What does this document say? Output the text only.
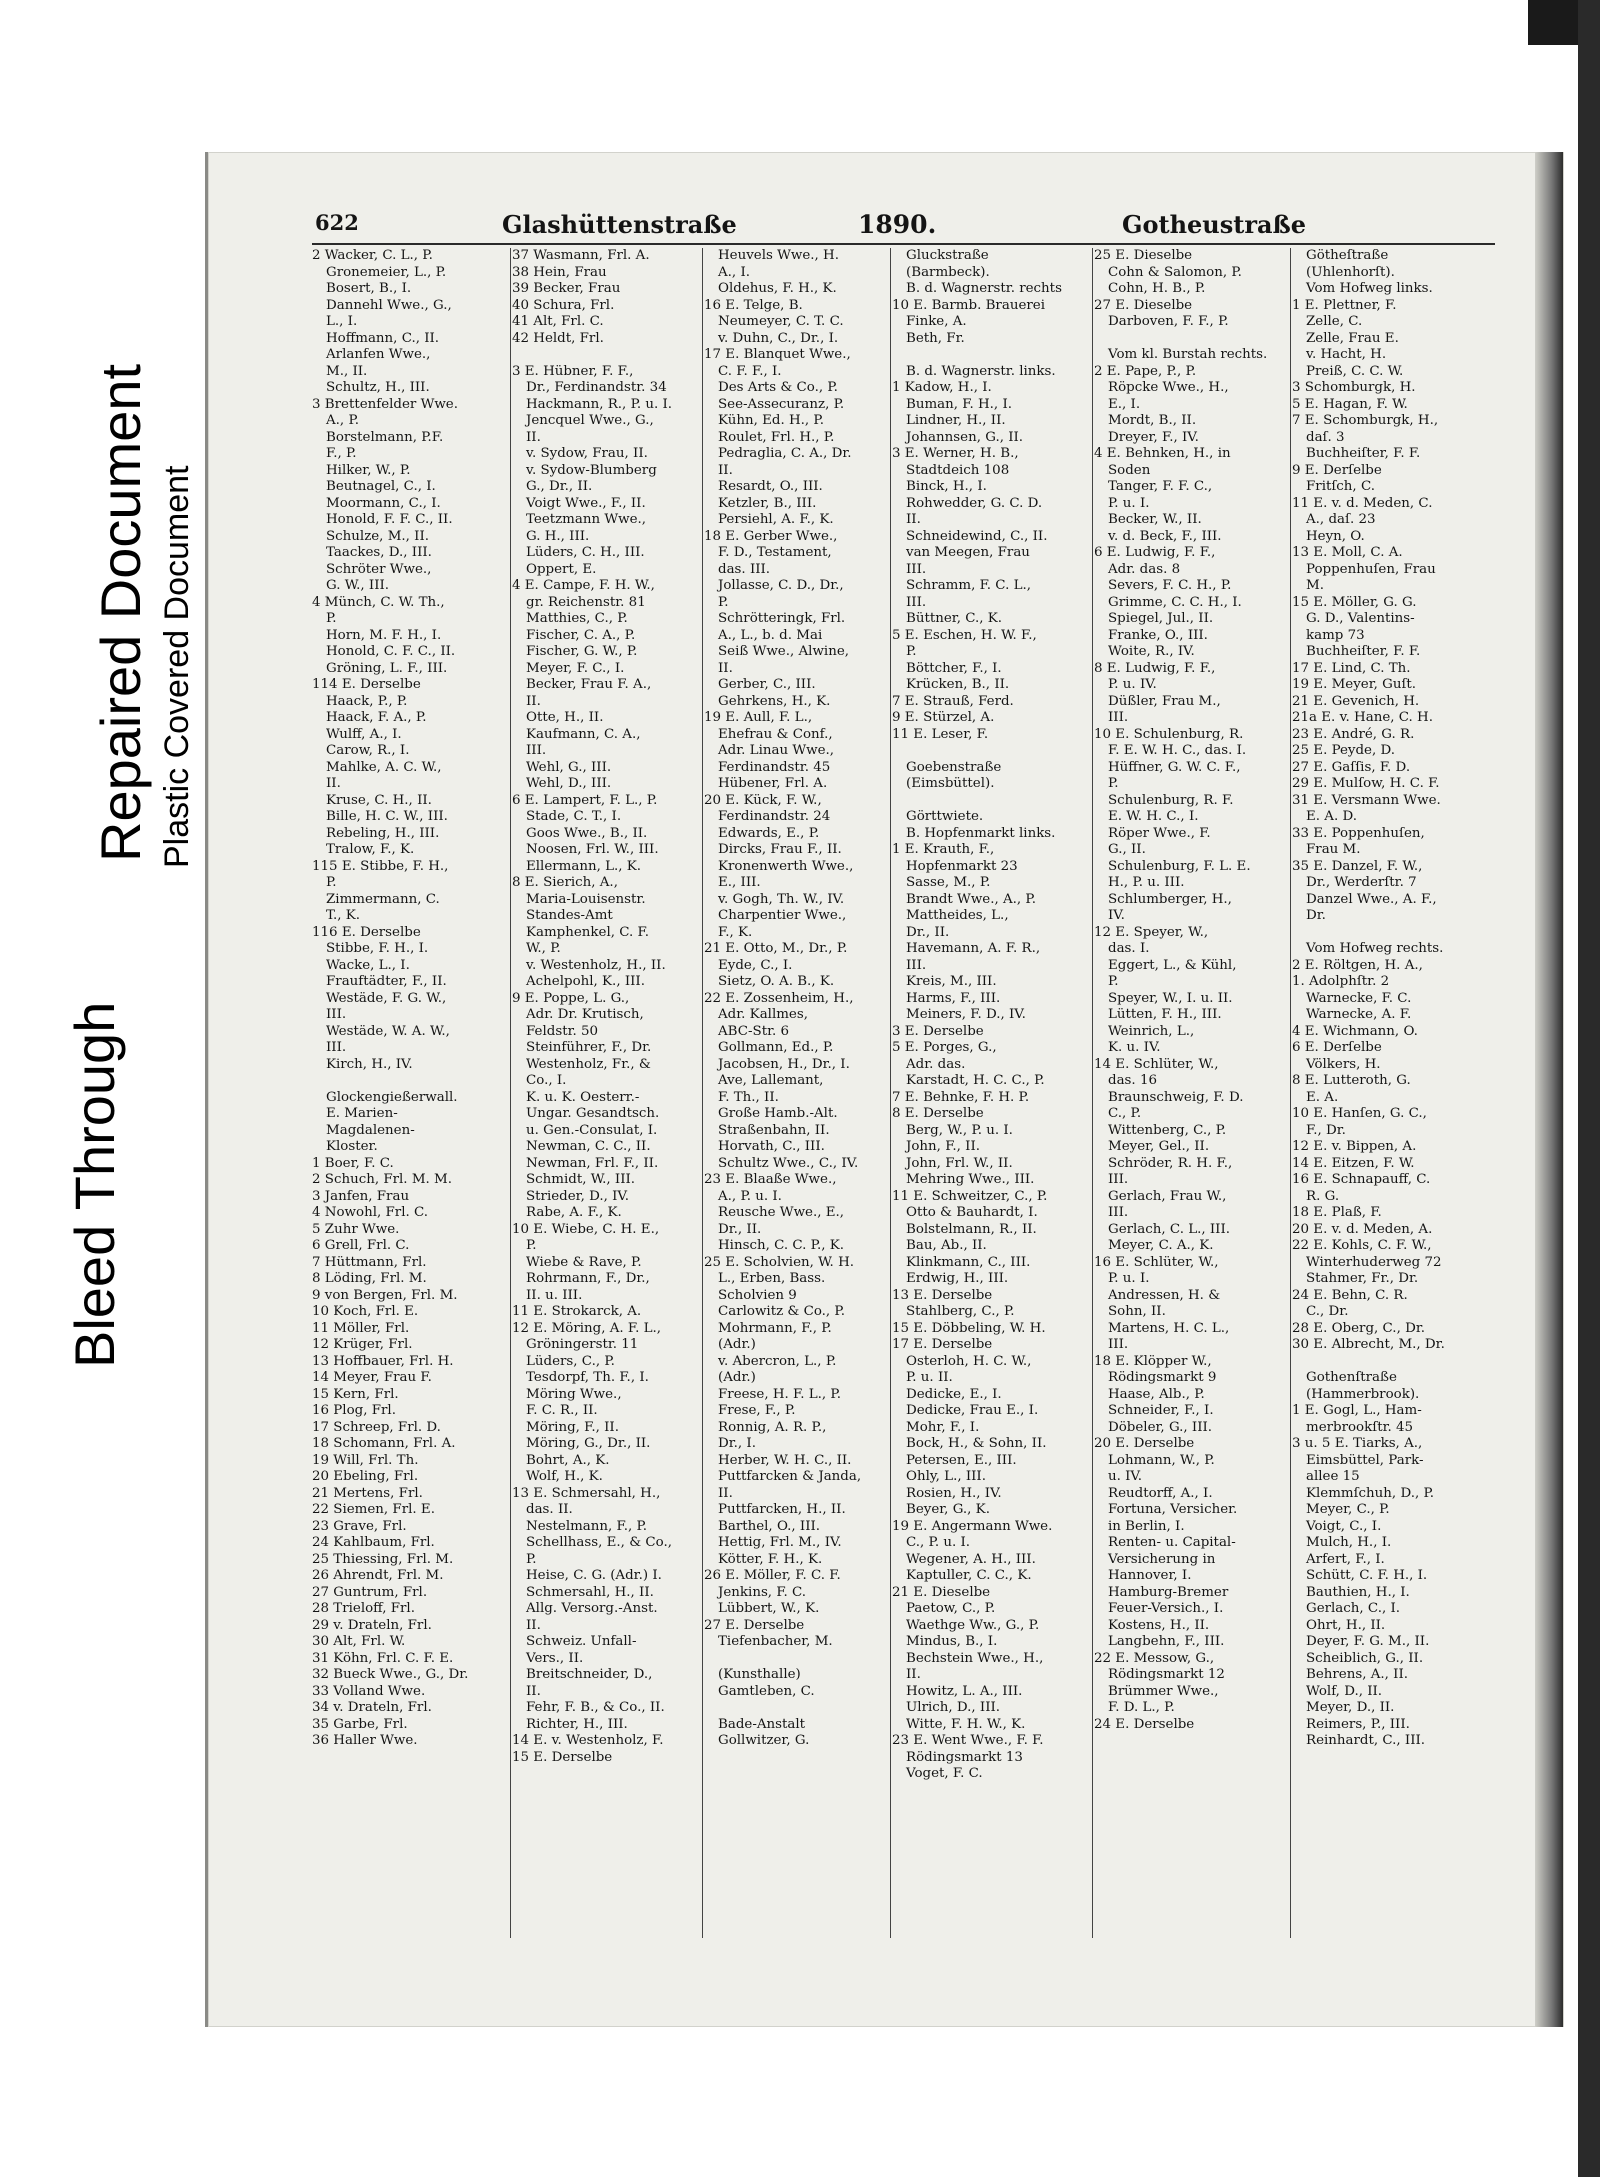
Bleed Through
Repaired Document Plastic Covered Document
622	Glashüttenstraße	1890.	Gotheustraße
2 Wacker, C. L., P.
Gronemeier, L., P.
Bosert, B., I.
Dannehl Wwe., G.,
L., I.
Hoffmann, C., II.
Arlanfen Wwe.,
M., II.
Schultz, H., III.
3 Brettenfelder Wwe.
A., P.
Borstelmann, P.F.
F., P.
Hilker, W., P.
Beutnagel, C., I.
Moormann, C., I.
Honold, F. F. C., II.
Schulze, M., II.
Taackes, D., III.
Schröter Wwe.,
G. W., III.
4 Münch, C. W. Th.,
P.
Horn, M. F. H., I.
Honold, C. F. C., II.
Gröning, L. F., III.
114 E. Derselbe
Haack, P., P.
Haack, F. A., P.
Wulff, A., I.
Carow, R., I.
Mahlke, A. C. W.,
II.
Kruse, C. H., II.
Bille, H. C. W., III.
Rebeling, H., III.
Tralow, F., K.
115 E. Stibbe, F. H.,
P.
Zimmermann, C.
T., K.
116 E. Derselbe
Stibbe, F. H., I.
Wacke, L., I.
Frauftädter, F., II.
Westäde, F. G. W.,
III.
Westäde, W. A. W.,
III.
Kirch, H., IV.

Glockengießerwall.
E. Marien-
Magdalenen-
Kloster.
1 Boer, F. C.
2 Schuch, Frl. M. M.
3 Janfen, Frau
4 Nowohl, Frl. C.
5 Zuhr Wwe.
6 Grell, Frl. C.
7 Hüttmann, Frl.
8 Löding, Frl. M.
9 von Bergen, Frl. M.
10 Koch, Frl. E.
11 Möller, Frl.
12 Krüger, Frl.
13 Hoffbauer, Frl. H.
14 Meyer, Frau F.
15 Kern, Frl.
16 Plog, Frl.
17 Schreep, Frl. D.
18 Schomann, Frl. A.
19 Will, Frl. Th.
20 Ebeling, Frl.
21 Mertens, Frl.
22 Siemen, Frl. E.
23 Grave, Frl.
24 Kahlbaum, Frl.
25 Thiessing, Frl. M.
26 Ahrendt, Frl. M.
27 Guntrum, Frl.
28 Trieloff, Frl.
29 v. Drateln, Frl.
30 Alt, Frl. W.
31 Köhn, Frl. C. F. E.
32 Bueck Wwe., G., Dr.
33 Volland Wwe.
34 v. Drateln, Frl.
35 Garbe, Frl.
36 Haller Wwe.
37 Wasmann, Frl. A.
38 Hein, Frau
39 Becker, Frau
40 Schura, Frl.
41 Alt, Frl. C.
42 Heldt, Frl.

3 E. Hübner, F. F.,
Dr., Ferdinandstr. 34
Hackmann, R., P. u. I.
Jencquel Wwe., G.,
II.
v. Sydow, Frau, II.
v. Sydow-Blumberg
G., Dr., II.
Voigt Wwe., F., II.
Teetzmann Wwe.,
G. H., III.
Lüders, C. H., III.
Oppert, E.
4 E. Campe, F. H. W.,
gr. Reichenstr. 81
Matthies, C., P.
Fischer, C. A., P.
Fischer, G. W., P.
Meyer, F. C., I.
Becker, Frau F. A.,
II.
Otte, H., II.
Kaufmann, C. A.,
III.
Wehl, G., III.
Wehl, D., III.
6 E. Lampert, F. L., P.
Stade, C. T., I.
Goos Wwe., B., II.
Noosen, Frl. W., III.
Ellermann, L., K.
8 E. Sierich, A.,
Maria-Louisenstr.
Standes-Amt
Kamphenkel, C. F.
W., P.
v. Westenholz, H., II.
Achelpohl, K., III.
9 E. Poppe, L. G.,
Adr. Dr. Krutisch,
Feldstr. 50
Steinführer, F., Dr.
Westenholz, Fr., &
Co., I.
K. u. K. Oesterr.-
Ungar. Gesandtsch.
u. Gen.-Consulat, I.
Newman, C. C., II.
Newman, Frl. F., II.
Schmidt, W., III.
Strieder, D., IV.
Rabe, A. F., K.
10 E. Wiebe, C. H. E.,
P.
Wiebe & Rave, P.
Rohrmann, F., Dr.,
II. u. III.
11 E. Strokarck, A.
12 E. Möring, A. F. L.,
Gröningerstr. 11
Lüders, C., P.
Tesdorpf, Th. F., I.
Möring Wwe.,
F. C. R., II.
Möring, F., II.
Möring, G., Dr., II.
Bohrt, A., K.
Wolf, H., K.
13 E. Schmersahl, H.,
das. II.
Nestelmann, F., P.
Schellhass, E., & Co.,
P.
Heise, C. G. (Adr.) I.
Schmersahl, H., II.
Allg. Versorg.-Anst.
II.
Schweiz. Unfall-
Vers., II.
Breitschneider, D.,
II.
Fehr, F. B., & Co., II.
Richter, H., III.
14 E. v. Westenholz, F.
15 E. Derselbe
Heuvels Wwe., H.
A., I.
Oldehus, F. H., K.
16 E. Telge, B.
Neumeyer, C. T. C.
v. Duhn, C., Dr., I.
17 E. Blanquet Wwe.,
C. F. F., I.
Des Arts & Co., P.
See-Assecuranz, P.
Kühn, Ed. H., P.
Roulet, Frl. H., P.
Pedraglia, C. A., Dr.
II.
Resardt, O., III.
Ketzler, B., III.
Persiehl, A. F., K.
18 E. Gerber Wwe.,
F. D., Testament,
das. III.
Jollasse, C. D., Dr.,
P.
Schrötteringk, Frl.
A., L., b. d. Mai
Seiß Wwe., Alwine,
II.
Gerber, C., III.
Gehrkens, H., K.
19 E. Aull, F. L.,
Ehefrau & Conf.,
Adr. Linau Wwe.,
Ferdinandstr. 45
Hübener, Frl. A.
20 E. Kück, F. W.,
Ferdinandstr. 24
Edwards, E., P.
Dircks, Frau F., II.
Kronenwerth Wwe.,
E., III.
v. Gogh, Th. W., IV.
Charpentier Wwe.,
F., K.
21 E. Otto, M., Dr., P.
Eyde, C., I.
Sietz, O. A. B., K.
22 E. Zossenheim, H.,
Adr. Kallmes,
ABC-Str. 6
Gollmann, Ed., P.
Jacobsen, H., Dr., I.
Ave, Lallemant,
F. Th., II.
Große Hamb.-Alt.
Straßenbahn, II.
Horvath, C., III.
Schultz Wwe., C., IV.
23 E. Blaaße Wwe.,
A., P. u. I.
Reusche Wwe., E.,
Dr., II.
Hinsch, C. C. P., K.
25 E. Scholvien, W. H.
L., Erben, Bass.
Scholvien 9
Carlowitz & Co., P.
Mohrmann, F., P.
(Adr.)
v. Abercron, L., P.
(Adr.)
Freese, H. F. L., P.
Frese, F., P.
Ronnig, A. R. P.,
Dr., I.
Herber, W. H. C., II.
Puttfarcken & Janda,
II.
Puttfarcken, H., II.
Barthel, O., III.
Hettig, Frl. M., IV.
Kötter, F. H., K.
26 E. Möller, F. C. F.
Jenkins, F. C.
Lübbert, W., K.
27 E. Derselbe
Tiefenbacher, M.

(Kunsthalle)
Gamtleben, C.

Bade-Anstalt
Gollwitzer, G.
Gluckstraße
(Barmbeck).
B. d. Wagnerstr. rechts
10 E. Barmb. Brauerei
Finke, A.
Beth, Fr.

B. d. Wagnerstr. links.
1 Kadow, H., I.
Buman, F. H., I.
Lindner, H., II.
Johannsen, G., II.
3 E. Werner, H. B.,
Stadtdeich 108
Binck, H., I.
Rohwedder, G. C. D.
II.
Schneidewind, C., II.
van Meegen, Frau
III.
Schramm, F. C. L.,
III.
Büttner, C., K.
5 E. Eschen, H. W. F.,
P.
Böttcher, F., I.
Krücken, B., II.
7 E. Strauß, Ferd.
9 E. Stürzel, A.
11 E. Leser, F.

Goebenstraße
(Eimsbüttel).

Görttwiete.
B. Hopfenmarkt links.
1 E. Krauth, F.,
Hopfenmarkt 23
Sasse, M., P.
Brandt Wwe., A., P.
Mattheides, L.,
Dr., II.
Havemann, A. F. R.,
III.
Kreis, M., III.
Harms, F., III.
Meiners, F. D., IV.
3 E. Derselbe
5 E. Porges, G.,
Adr. das.
Karstadt, H. C. C., P.
7 E. Behnke, F. H. P.
8 E. Derselbe
Berg, W., P. u. I.
John, F., II.
John, Frl. W., II.
Mehring Wwe., III.
11 E. Schweitzer, C., P.
Otto & Bauhardt, I.
Bolstelmann, R., II.
Bau, Ab., II.
Klinkmann, C., III.
Erdwig, H., III.
13 E. Derselbe
Stahlberg, C., P.
15 E. Döbbeling, W. H.
17 E. Derselbe
Osterloh, H. C. W.,
P. u. II.
Dedicke, E., I.
Dedicke, Frau E., I.
Mohr, F., I.
Bock, H., & Sohn, II.
Petersen, E., III.
Ohly, L., III.
Rosien, H., IV.
Beyer, G., K.
19 E. Angermann Wwe.
C., P. u. I.
Wegener, A. H., III.
Kaptuller, C. C., K.
21 E. Dieselbe
Paetow, C., P.
Waethge Ww., G., P.
Mindus, B., I.
Bechstein Wwe., H.,
II.
Howitz, L. A., III.
Ulrich, D., III.
Witte, F. H. W., K.
23 E. Went Wwe., F. F.
Rödingsmarkt 13
Voget, F. C.
25 E. Dieselbe
Cohn & Salomon, P.
Cohn, H. B., P.
27 E. Dieselbe
Darboven, F. F., P.

Vom kl. Burstah rechts.
2 E. Pape, P., P.
Röpcke Wwe., H.,
E., I.
Mordt, B., II.
Dreyer, F., IV.
4 E. Behnken, H., in
Soden
Tanger, F. F. C.,
P. u. I.
Becker, W., II.
v. d. Beck, F., III.
6 E. Ludwig, F. F.,
Adr. das. 8
Severs, F. C. H., P.
Grimme, C. C. H., I.
Spiegel, Jul., II.
Franke, O., III.
Woite, R., IV.
8 E. Ludwig, F. F.,
P. u. IV.
Düßler, Frau M.,
III.
10 E. Schulenburg, R.
F. E. W. H. C., das. I.
Hüffner, G. W. C. F.,
P.
Schulenburg, R. F.
E. W. H. C., I.
Röper Wwe., F.
G., II.
Schulenburg, F. L. E.
H., P. u. III.
Schlumberger, H.,
IV.
12 E. Speyer, W.,
das. I.
Eggert, L., & Kühl,
P.
Speyer, W., I. u. II.
Lütten, F. H., III.
Weinrich, L.,
K. u. IV.
14 E. Schlüter, W.,
das. 16
Braunschweig, F. D.
C., P.
Wittenberg, C., P.
Meyer, Gel., II.
Schröder, R. H. F.,
III.
Gerlach, Frau W.,
III.
Gerlach, C. L., III.
Meyer, C. A., K.
16 E. Schlüter, W.,
P. u. I.
Andressen, H. &
Sohn, II.
Martens, H. C. L.,
III.
18 E. Klöpper W.,
Rödingsmarkt 9
Haase, Alb., P.
Schneider, F., I.
Döbeler, G., III.
20 E. Derselbe
Lohmann, W., P.
u. IV.
Reudtorff, A., I.
Fortuna, Versicher.
in Berlin, I.
Renten- u. Capital-
Versicherung in
Hannover, I.
Hamburg-Bremer
Feuer-Versich., I.
Kostens, H., II.
Langbehn, F., III.
22 E. Messow, G.,
Rödingsmarkt 12
Brümmer Wwe.,
F. D. L., P.
24 E. Derselbe
Götheſtraße
(Uhlenhorſt).
Vom Hofweg links.
1 E. Plettner, F.
Zelle, C.
Zelle, Frau E.
v. Hacht, H.
Preiß, C. C. W.
3 Schomburgk, H.
5 E. Hagan, F. W.
7 E. Schomburgk, H.,
daſ. 3
Buchheiſter, F. F.
9 E. Derſelbe
Fritſch, C.
11 E. v. d. Meden, C.
A., daſ. 23
Heyn, O.
13 E. Moll, C. A.
Poppenhuſen, Frau
M.
15 E. Möller, G. G.
G. D., Valentins-
kamp 73
Buchheiſter, F. F.
17 E. Lind, C. Th.
19 E. Meyer, Guſt.
21 E. Gevenich, H.
21a E. v. Hane, C. H.
23 E. André, G. R.
25 E. Peyde, D.
27 E. Gaſſis, F. D.
29 E. Mulſow, H. C. F.
31 E. Versmann Wwe.
E. A. D.
33 E. Poppenhuſen,
Frau M.
35 E. Danzel, F. W.,
Dr., Werderſtr. 7
Danzel Wwe., A. F.,
Dr.

Vom Hofweg rechts.
2 E. Röltgen, H. A.,
1. Adolphſtr. 2
Warnecke, F. C.
Warnecke, A. F.
4 E. Wichmann, O.
6 E. Derſelbe
Völkers, H.
8 E. Lutteroth, G.
E. A.
10 E. Hanſen, G. C.,
F., Dr.
12 E. v. Bippen, A.
14 E. Eitzen, F. W.
16 E. Schnapauff, C.
R. G.
18 E. Plaß, F.
20 E. v. d. Meden, A.
22 E. Kohls, C. F. W.,
Winterhuderweg 72
Stahmer, Fr., Dr.
24 E. Behn, C. R.
C., Dr.
28 E. Oberg, C., Dr.
30 E. Albrecht, M., Dr.

Gothenſtraße
(Hammerbrook).
1 E. Gogl, L., Ham-
merbrookſtr. 45
3 u. 5 E. Tiarks, A.,
Eimsbüttel, Park-
allee 15
Klemmſchuh, D., P.
Meyer, C., P.
Voigt, C., I.
Mulch, H., I.
Arfert, F., I.
Schütt, C. F. H., I.
Bauthien, H., I.
Gerlach, C., I.
Ohrt, H., II.
Deyer, F. G. M., II.
Scheiblich, G., II.
Behrens, A., II.
Wolf, D., II.
Meyer, D., II.
Reimers, P., III.
Reinhardt, C., III.
